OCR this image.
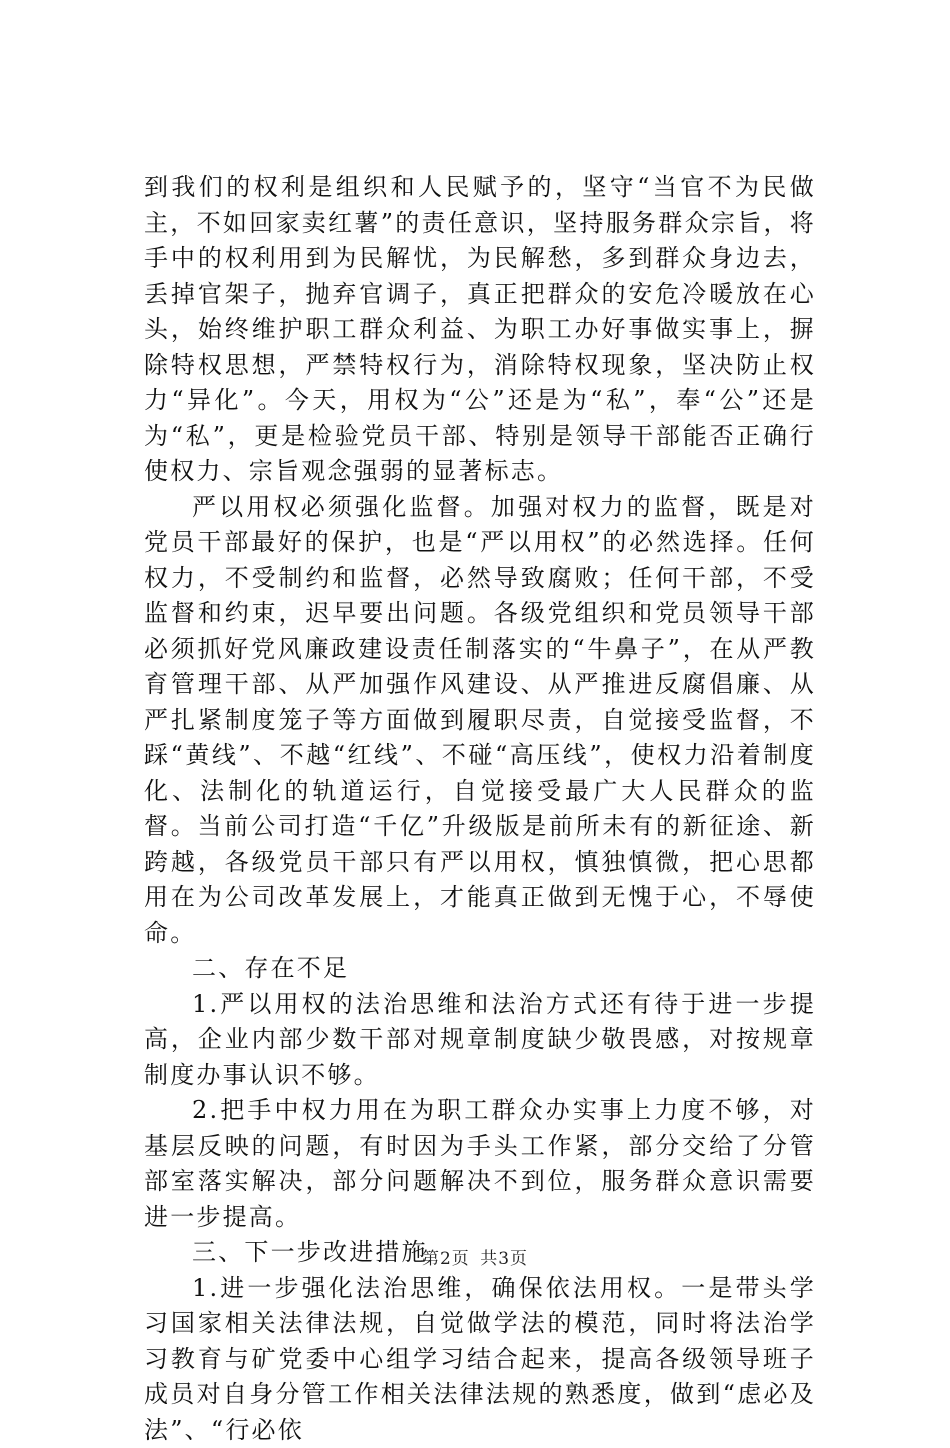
到我们的权利是组织和人民赋予的，坚守“当官不为民做主，不如回家卖红薯”的责任意识，坚持服务群众宗旨，将手中的权利用到为民解忧，为民解愁，多到群众身边去，丢掉官架子，抛弃官调子，真正把群众的安危冷暖放在心头，始终维护职工群众利益、为职工办好事做实事上，摒除特权思想，严禁特权行为，消除特权现象，坚决防止权力“异化”。今天，用权为“公”还是为“私”，奉“公”还是为“私”，更是检验党员干部、特别是领导干部能否正确行使权力、宗旨观念强弱的显著标志。

严以用权必须强化监督。加强对权力的监督，既是对党员干部最好的保护，也是“严以用权”的必然选择。任何权力，不受制约和监督，必然导致腐败；任何干部，不受监督和约束，迟早要出问题。各级党组织和党员领导干部必须抓好党风廉政建设责任制落实的“牛鼻子”，在从严教育管理干部、从严加强作风建设、从严推进反腐倡廉、从严扎紧制度笼子等方面做到履职尽责，自觉接受监督，不踩“黄线”、不越“红线”、不碰“高压线”，使权力沿着制度化、法制化的轨道运行，自觉接受最广大人民群众的监督。当前公司打造“千亿”升级版是前所未有的新征途、新跨越，各级党员干部只有严以用权，慎独慎微，把心思都用在为公司改革发展上，才能真正做到无愧于心，不辱使命。

二、存在不足

1.严以用权的法治思维和法治方式还有待于进一步提高，企业内部少数干部对规章制度缺少敬畏感，对按规章制度办事认识不够。

2.把手中权力用在为职工群众办实事上力度不够，对基层反映的问题，有时因为手头工作紧，部分交给了分管部室落实解决，部分问题解决不到位，服务群众意识需要进一步提高。

三、下一步改进措施

1.进一步强化法治思维，确保依法用权。一是带头学习国家相关法律法规，自觉做学法的模范，同时将法治学习教育与矿党委中心组学习结合起来，提高各级领导班子成员对自身分管工作相关法律法规的熟悉度，做到“虑必及法”、“行必依

第2页 共3页
